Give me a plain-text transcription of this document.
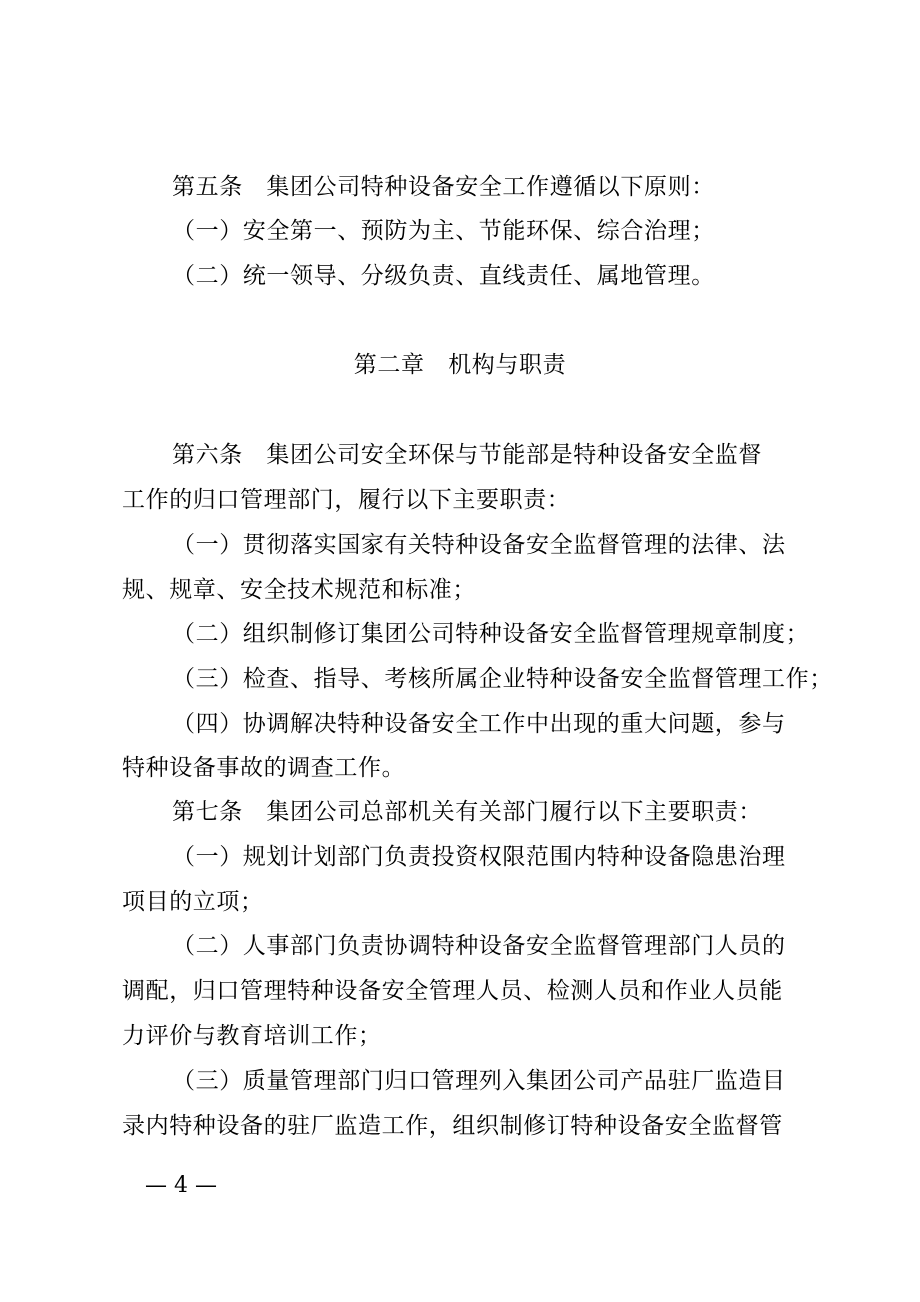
第五条　集团公司特种设备安全工作遵循以下原则：
（一）安全第一、预防为主、节能环保、综合治理；
（二）统一领导、分级负责、直线责任、属地管理。
第二章　机构与职责
第六条　集团公司安全环保与节能部是特种设备安全监督
工作的归口管理部门，履行以下主要职责：
（一）贯彻落实国家有关特种设备安全监督管理的法律、法
规、规章、安全技术规范和标准；
（二）组织制修订集团公司特种设备安全监督管理规章制度；
（三）检查、指导、考核所属企业特种设备安全监督管理工作；
（四）协调解决特种设备安全工作中出现的重大问题，参与
特种设备事故的调查工作。
第七条　集团公司总部机关有关部门履行以下主要职责：
（一）规划计划部门负责投资权限范围内特种设备隐患治理
项目的立项；
（二）人事部门负责协调特种设备安全监督管理部门人员的
调配，归口管理特种设备安全管理人员、检测人员和作业人员能
力评价与教育培训工作；
（三）质量管理部门归口管理列入集团公司产品驻厂监造目
录内特种设备的驻厂监造工作，组织制修订特种设备安全监督管
— 4 —
